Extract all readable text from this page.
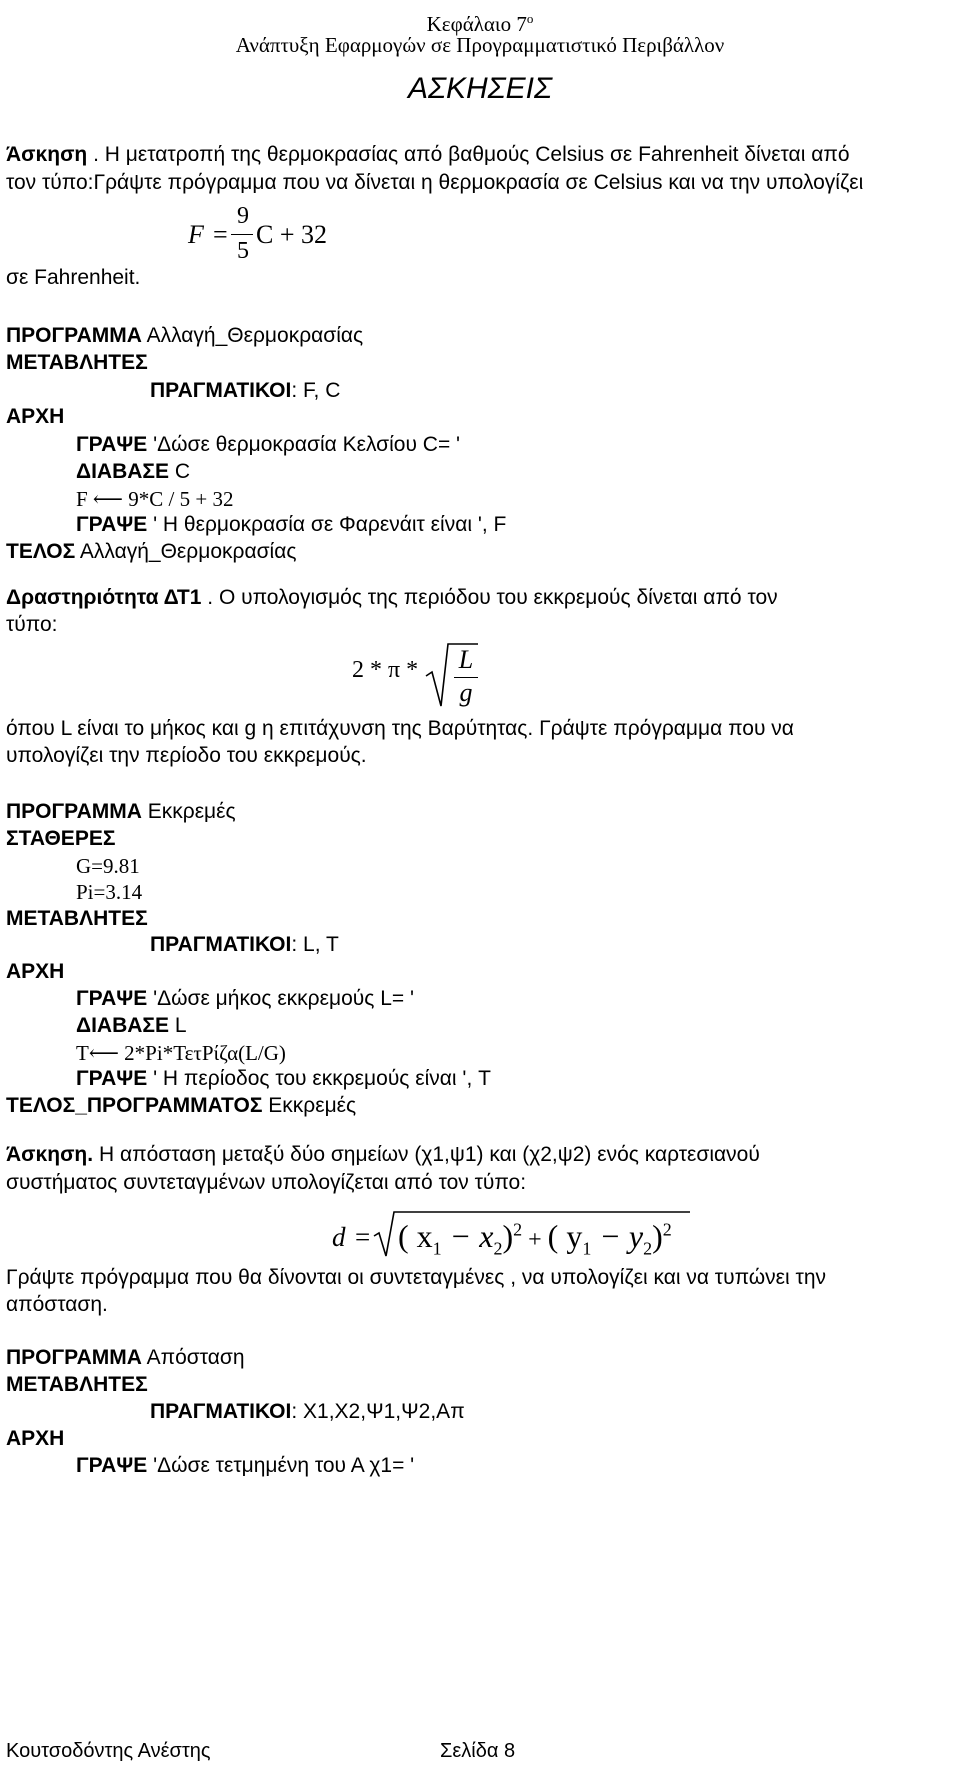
Κεφάλαιο $7^o$
Ανάπτυξη Εφαρμογών σε Προγραμματιστικό Περιβάλλον
ΑΣΚΗΣΕΙΣ
Άσκηση . Η μετατροπή της θερμοκρασίας από βαθμούς Celsius σε Fahrenheit δίνεται από
τον τύπο:Γράψτε πρόγραμμα που να δίνεται η θερμοκρασία σε Celsius και να την υπολογίζει
σε Fahrenheit.
F =
9
5
C + 32
ΠΡΟΓΡΑΜΜΑ Αλλαγή_Θερμοκρασίας
ΜΕΤΑΒΛΗΤΕΣ
ΠΡΑΓΜΑΤΙΚΟΙ: F, C
ΑΡΧΗ
ΓΡΑΨΕ 'Δώσε θερμοκρασία Κελσίου C= '
ΔΙΑΒΑΣΕ C
F ⟵ 9*C / 5 + 32
ΓΡΑΨΕ ' Η θερμοκρασία σε Φαρενάιτ είναι ', F
ΤΕΛΟΣ Αλλαγή_Θερμοκρασίας
Δραστηριότητα ΔΤ1 . Ο υπολογισμός της περιόδου του εκκρεμούς δίνεται από τον
τύπο:
2 * π * L
g
όπου L είναι το μήκος και g η επιτάχυνση της Βαρύτητας. Γράψτε πρόγραμμα που να
υπολογίζει την περίοδο του εκκρεμούς.
ΠΡΟΓΡΑΜΜΑ Εκκρεμές
ΣΤΑΘΕΡΕΣ
G=9.81
Pi=3.14
ΜΕΤΑΒΛΗΤΕΣ
ΠΡΑΓΜΑΤΙΚΟΙ: L, T
ΑΡΧΗ
ΓΡΑΨΕ 'Δώσε μήκος εκκρεμούς L= '
ΔΙΑΒΑΣΕ L
T⟵ 2*Pi*ΤετΡίζα(L/G)
ΓΡΑΨΕ ' Η περίοδος του εκκρεμούς είναι ', T
ΤΕΛΟΣ_ΠΡΟΓΡΑΜΜΑΤΟΣ Εκκρεμές
Άσκηση. Η απόσταση μεταξύ δύο σημείων (χ1,ψ1) και (χ2,ψ2) ενός καρτεσιανού
συστήματος συντεταγμένων υπολογίζεται από τον τύπο:
d = ( $x_1 - x_2)^2$ + ( $y_1 - y_2)^2$
Γράψτε πρόγραμμα που θα δίνονται οι συντεταγμένες , να υπολογίζει και να τυπώνει την
απόσταση.
ΠΡΟΓΡΑΜΜΑ Απόσταση
ΜΕΤΑΒΛΗΤΕΣ
ΠΡΑΓΜΑΤΙΚΟΙ: Χ1,Χ2,Ψ1,Ψ2,Απ
ΑΡΧΗ
ΓΡΑΨΕ 'Δώσε τετμημένη του Α χ1= '
Κουτσοδόντης Ανέστης	Σελίδα 8
